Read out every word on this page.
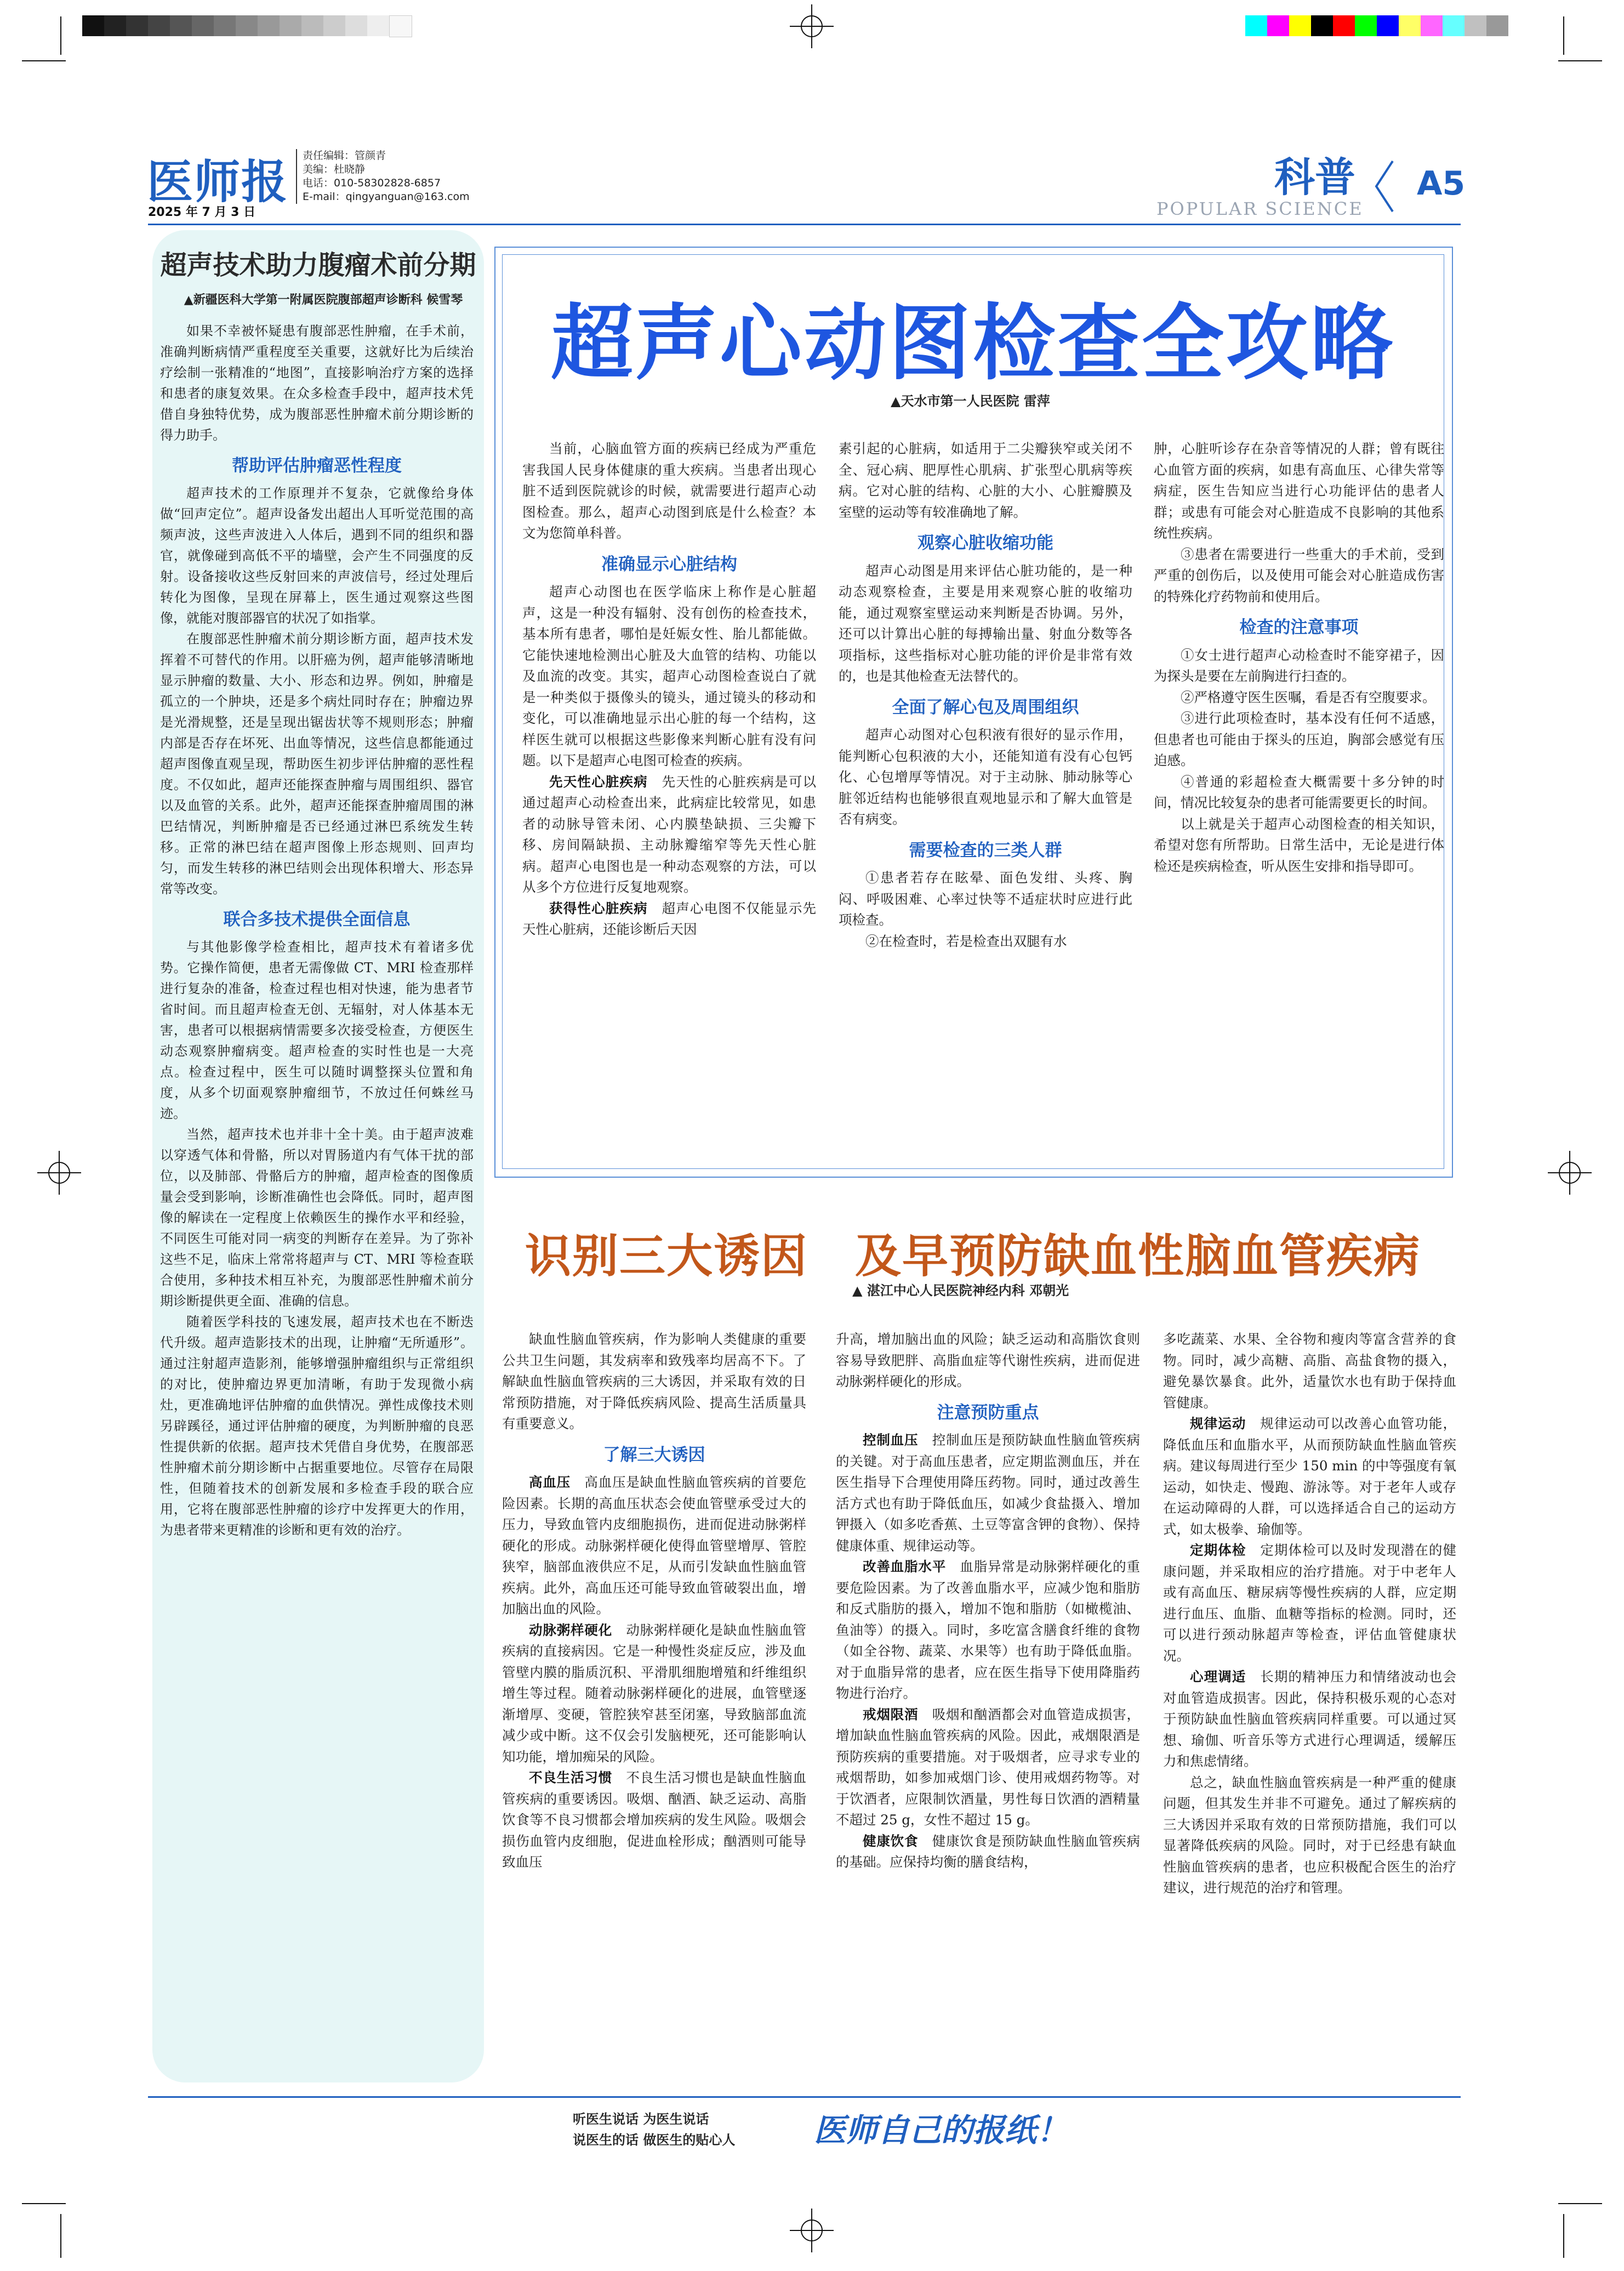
医师报
2025 年 7 月 3 日
责任编辑：管颜青
美编：杜晓静
电话：010-58302828-6857
E-mail：qingyanguan@163.com	科普
POPULAR SCIENCE
A5
超声技术助力腹瘤术前分期
▲新疆医科大学第一附属医院腹部超声诊断科 候雪琴

如果不幸被怀疑患有腹部恶性肿瘤，在手术前，准确判断病情严重程度至关重要，这就好比为后续治疗绘制一张精准的“地图”，直接影响治疗方案的选择和患者的康复效果。在众多检查手段中，超声技术凭借自身独特优势，成为腹部恶性肿瘤术前分期诊断的得力助手。

帮助评估肿瘤恶性程度

超声技术的工作原理并不复杂，它就像给身体做“回声定位”。超声设备发出超出人耳听觉范围的高频声波，这些声波进入人体后，遇到不同的组织和器官，就像碰到高低不平的墙壁，会产生不同强度的反射。设备接收这些反射回来的声波信号，经过处理后转化为图像，呈现在屏幕上，医生通过观察这些图像，就能对腹部器官的状况了如指掌。

在腹部恶性肿瘤术前分期诊断方面，超声技术发挥着不可替代的作用。以肝癌为例，超声能够清晰地显示肿瘤的数量、大小、形态和边界。例如，肿瘤是孤立的一个肿块，还是多个病灶同时存在；肿瘤边界是光滑规整，还是呈现出锯齿状等不规则形态；肿瘤内部是否存在坏死、出血等情况，这些信息都能通过超声图像直观呈现，帮助医生初步评估肿瘤的恶性程度。不仅如此，超声还能探查肿瘤与周围组织、器官以及血管的关系。此外，超声还能探查肿瘤周围的淋巴结情况，判断肿瘤是否已经通过淋巴系统发生转移。正常的淋巴结在超声图像上形态规则、回声均匀，而发生转移的淋巴结则会出现体积增大、形态异常等改变。

联合多技术提供全面信息

与其他影像学检查相比，超声技术有着诸多优势。它操作简便，患者无需像做 CT、MRI 检查那样进行复杂的准备，检查过程也相对快速，能为患者节省时间。而且超声检查无创、无辐射，对人体基本无害，患者可以根据病情需要多次接受检查，方便医生动态观察肿瘤病变。超声检查的实时性也是一大亮点。检查过程中，医生可以随时调整探头位置和角度，从多个切面观察肿瘤细节，不放过任何蛛丝马迹。

当然，超声技术也并非十全十美。由于超声波难以穿透气体和骨骼，所以对胃肠道内有气体干扰的部位，以及肺部、骨骼后方的肿瘤，超声检查的图像质量会受到影响，诊断准确性也会降低。同时，超声图像的解读在一定程度上依赖医生的操作水平和经验，不同医生可能对同一病变的判断存在差异。为了弥补这些不足，临床上常常将超声与 CT、MRI 等检查联合使用，多种技术相互补充，为腹部恶性肿瘤术前分期诊断提供更全面、准确的信息。

随着医学科技的飞速发展，超声技术也在不断迭代升级。超声造影技术的出现，让肿瘤“无所遁形”。通过注射超声造影剂，能够增强肿瘤组织与正常组织的对比，使肿瘤边界更加清晰，有助于发现微小病灶，更准确地评估肿瘤的血供情况。弹性成像技术则另辟蹊径，通过评估肿瘤的硬度，为判断肿瘤的良恶性提供新的依据。超声技术凭借自身优势，在腹部恶性肿瘤术前分期诊断中占据重要地位。尽管存在局限性，但随着技术的创新发展和多检查手段的联合应用，它将在腹部恶性肿瘤的诊疗中发挥更大的作用，为患者带来更精准的诊断和更有效的治疗。

超声心动图检查全攻略
▲天水市第一人民医院 雷萍

当前，心脑血管方面的疾病已经成为严重危害我国人民身体健康的重大疾病。当患者出现心脏不适到医院就诊的时候，就需要进行超声心动图检查。那么，超声心动图到底是什么检查？本文为您简单科普。

准确显示心脏结构

超声心动图也在医学临床上称作是心脏超声，这是一种没有辐射、没有创伤的检查技术，基本所有患者，哪怕是妊娠女性、胎儿都能做。它能快速地检测出心脏及大血管的结构、功能以及血流的改变。其实，超声心动图检查说白了就是一种类似于摄像头的镜头，通过镜头的移动和变化，可以准确地显示出心脏的每一个结构，这样医生就可以根据这些影像来判断心脏有没有问题。以下是超声心电图可检查的疾病。

先天性心脏疾病　 先天性的心脏疾病是可以通过超声心动检查出来，此病症比较常见，如患者的动脉导管未闭、心内膜垫缺损、三尖瓣下移、房间隔缺损、主动脉瓣缩窄等先天性心脏病。超声心电图也是一种动态观察的方法，可以从多个方位进行反复地观察。

获得性心脏疾病　 超声心电图不仅能显示先天性心脏病，还能诊断后天因

素引起的心脏病，如适用于二尖瓣狭窄或关闭不全、冠心病、肥厚性心肌病、扩张型心肌病等疾病。它对心脏的结构、心脏的大小、心脏瓣膜及室壁的运动等有较准确地了解。

观察心脏收缩功能

超声心动图是用来评估心脏功能的，是一种动态观察检查，主要是用来观察心脏的收缩功能，通过观察室壁运动来判断是否协调。另外，还可以计算出心脏的每搏输出量、射血分数等各项指标，这些指标对心脏功能的评价是非常有效的，也是其他检查无法替代的。

全面了解心包及周围组织

超声心动图对心包积液有很好的显示作用，能判断心包积液的大小，还能知道有没有心包钙化、心包增厚等情况。对于主动脉、肺动脉等心脏邻近结构也能够很直观地显示和了解大血管是否有病变。

需要检查的三类人群

①患者若存在眩晕、面色发绀、头疼、胸闷、呼吸困难、心率过快等不适症状时应进行此项检查。

②在检查时，若是检查出双腿有水

肿，心脏听诊存在杂音等情况的人群；曾有既往心血管方面的疾病，如患有高血压、心律失常等病症，医生告知应当进行心功能评估的患者人群；或患有可能会对心脏造成不良影响的其他系统性疾病。

③患者在需要进行一些重大的手术前，受到严重的创伤后，以及使用可能会对心脏造成伤害的特殊化疗药物前和使用后。

检查的注意事项

①女士进行超声心动检查时不能穿裙子，因为探头是要在左前胸进行扫查的。

②严格遵守医生医嘱，看是否有空腹要求。

③进行此项检查时，基本没有任何不适感，但患者也可能由于探头的压迫，胸部会感觉有压迫感。

④普通的彩超检查大概需要十多分钟的时间，情况比较复杂的患者可能需要更长的时间。

以上就是关于超声心动图检查的相关知识，希望对您有所帮助。日常生活中，无论是进行体检还是疾病检查，听从医生安排和指导即可。

识别三大诱因　及早预防缺血性脑血管疾病
▲ 湛江中心人民医院神经内科 邓朝光

缺血性脑血管疾病，作为影响人类健康的重要公共卫生问题，其发病率和致残率均居高不下。了解缺血性脑血管疾病的三大诱因，并采取有效的日常预防措施，对于降低疾病风险、提高生活质量具有重要意义。

了解三大诱因

高血压　 高血压是缺血性脑血管疾病的首要危险因素。长期的高血压状态会使血管壁承受过大的压力，导致血管内皮细胞损伤，进而促进动脉粥样硬化的形成。动脉粥样硬化使得血管壁增厚、管腔狭窄，脑部血液供应不足，从而引发缺血性脑血管疾病。此外，高血压还可能导致血管破裂出血，增加脑出血的风险。

动脉粥样硬化　 动脉粥样硬化是缺血性脑血管疾病的直接病因。它是一种慢性炎症反应，涉及血管壁内膜的脂质沉积、平滑肌细胞增殖和纤维组织增生等过程。随着动脉粥样硬化的进展，血管壁逐渐增厚、变硬，管腔狭窄甚至闭塞，导致脑部血流减少或中断。这不仅会引发脑梗死，还可能影响认知功能，增加痴呆的风险。

不良生活习惯　 不良生活习惯也是缺血性脑血管疾病的重要诱因。吸烟、酗酒、缺乏运动、高脂饮食等不良习惯都会增加疾病的发生风险。吸烟会损伤血管内皮细胞，促进血栓形成；酗酒则可能导致血压

升高，增加脑出血的风险；缺乏运动和高脂饮食则容易导致肥胖、高脂血症等代谢性疾病，进而促进动脉粥样硬化的形成。

注意预防重点

控制血压　 控制血压是预防缺血性脑血管疾病的关键。对于高血压患者，应定期监测血压，并在医生指导下合理使用降压药物。同时，通过改善生活方式也有助于降低血压，如减少食盐摄入、增加钾摄入（如多吃香蕉、土豆等富含钾的食物）、保持健康体重、规律运动等。

改善血脂水平　 血脂异常是动脉粥样硬化的重要危险因素。为了改善血脂水平，应减少饱和脂肪和反式脂肪的摄入，增加不饱和脂肪（如橄榄油、鱼油等）的摄入。同时，多吃富含膳食纤维的食物（如全谷物、蔬菜、水果等）也有助于降低血脂。对于血脂异常的患者，应在医生指导下使用降脂药物进行治疗。

戒烟限酒　 吸烟和酗酒都会对血管造成损害，增加缺血性脑血管疾病的风险。因此，戒烟限酒是预防疾病的重要措施。对于吸烟者，应寻求专业的戒烟帮助，如参加戒烟门诊、使用戒烟药物等。对于饮酒者，应限制饮酒量，男性每日饮酒的酒精量不超过 25 g，女性不超过 15 g。

健康饮食　 健康饮食是预防缺血性脑血管疾病的基础。应保持均衡的膳食结构，

多吃蔬菜、水果、全谷物和瘦肉等富含营养的食物。同时，减少高糖、高脂、高盐食物的摄入，避免暴饮暴食。此外，适量饮水也有助于保持血管健康。

规律运动　 规律运动可以改善心血管功能，降低血压和血脂水平，从而预防缺血性脑血管疾病。建议每周进行至少 150 min 的中等强度有氧运动，如快走、慢跑、游泳等。对于老年人或存在运动障碍的人群，可以选择适合自己的运动方式，如太极拳、瑜伽等。

定期体检　 定期体检可以及时发现潜在的健康问题，并采取相应的治疗措施。对于中老年人或有高血压、糖尿病等慢性疾病的人群，应定期进行血压、血脂、血糖等指标的检测。同时，还可以进行颈动脉超声等检查，评估血管健康状况。

心理调适　 长期的精神压力和情绪波动也会对血管造成损害。因此，保持积极乐观的心态对于预防缺血性脑血管疾病同样重要。可以通过冥想、瑜伽、听音乐等方式进行心理调适，缓解压力和焦虑情绪。

总之，缺血性脑血管疾病是一种严重的健康问题，但其发生并非不可避免。通过了解疾病的三大诱因并采取有效的日常预防措施，我们可以显著降低疾病的风险。同时，对于已经患有缺血性脑血管疾病的患者，也应积极配合医生的治疗建议，进行规范的治疗和管理。

听医生说话 为医生说话
说医生的话 做医生的贴心人 医师自己的报纸！
